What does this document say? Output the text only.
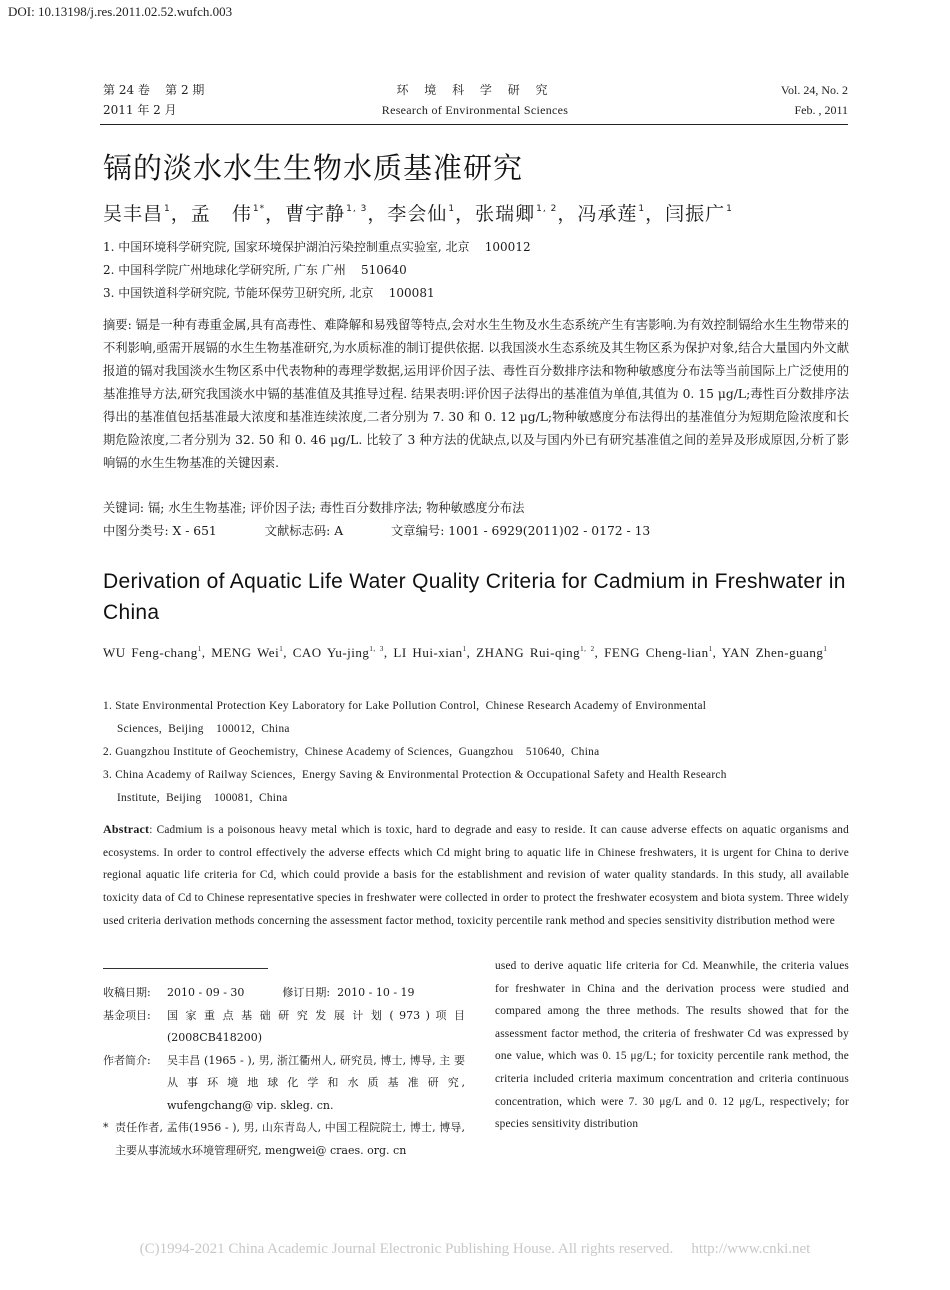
DOI: 10.13198/j.res.2011.02.52.wufch.003
第 24 卷    第 2 期
2011 年 2 月
环 境 科 学 研 究
Research of Environmental Sciences
Vol. 24, No. 2
Feb. , 2011
镉的淡水水生生物水质基准研究
吴丰昌$^1$，孟   伟$^{1*}$，曹宇静$^{1, 3}$，李会仙$^1$，张瑞卿$^{1, 2}$，冯承莲$^1$，闫振广$^1$
1. 中国环境科学研究院, 国家环境保护湖泊污染控制重点实验室, 北京    100012
2. 中国科学院广州地球化学研究所, 广东 广州    510640
3. 中国铁道科学研究院, 节能环保劳卫研究所, 北京    100081
摘要: 镉是一种有毒重金属,具有高毒性、难降解和易残留等特点,会对水生生物及水生态系统产生有害影响.为有效控制镉给水生生物带来的不利影响,亟需开展镉的水生生物基准研究,为水质标准的制订提供依据. 以我国淡水生态系统及其生物区系为保护对象,结合大量国内外文献报道的镉对我国淡水生物区系中代表物种的毒理学数据,运用评价因子法、毒性百分数排序法和物种敏感度分布法等当前国际上广泛使用的基准推导方法,研究我国淡水中镉的基准值及其推导过程. 结果表明:评价因子法得出的基准值为单值,其值为 0. 15 μg/L;毒性百分数排序法得出的基准值包括基准最大浓度和基准连续浓度,二者分别为 7. 30 和 0. 12 μg/L;物种敏感度分布法得出的基准值分为短期危险浓度和长期危险浓度,二者分别为 32. 50 和 0. 46 μg/L. 比较了 3 种方法的优缺点,以及与国内外已有研究基准值之间的差异及形成原因,分析了影响镉的水生生物基准的关键因素.
关键词: 镉; 水生生物基准; 评价因子法; 毒性百分数排序法; 物种敏感度分布法
中图分类号: X - 651	文献标志码: A	文章编号: 1001 - 6929(2011)02 - 0172 - 13
Derivation of Aquatic Life Water Quality Criteria for Cadmium in Freshwater in China
WU Feng-chang$^1$, MENG Wei$^1$, CAO Yu-jing$^{1, 3}$, LI Hui-xian$^1$, ZHANG Rui-qing$^{1, 2}$, FENG Cheng-lian$^1$, YAN Zhen-guang$^1$
1. State Environmental Protection Key Laboratory for Lake Pollution Control,  Chinese Research Academy of Environmental
Sciences,  Beijing    100012,  China
2. Guangzhou Institute of Geochemistry,  Chinese Academy of Sciences,  Guangzhou    510640,  China
3. China Academy of Railway Sciences,  Energy Saving & Environmental Protection & Occupational Safety and Health Research
Institute,  Beijing    100081,  China
Abstract: Cadmium is a poisonous heavy metal which is toxic, hard to degrade and easy to reside. It can cause adverse effects on aquatic organisms and ecosystems. In order to control effectively the adverse effects which Cd might bring to aquatic life in Chinese freshwaters, it is urgent for China to derive regional aquatic life criteria for Cd, which could provide a basis for the establishment and revision of water quality standards. In this study, all available toxicity data of Cd to Chinese representative species in freshwater were collected in order to protect the freshwater ecosystem and biota system. Three widely used criteria derivation methods concerning the assessment factor method, toxicity percentile rank method and species sensitivity distribution method were
used to derive aquatic life criteria for Cd. Meanwhile, the criteria values for freshwater in China and the derivation process were studied and compared among the three methods. The results showed that for the assessment factor method, the criteria of freshwater Cd was expressed by one value, which was 0. 15 μg/L; for toxicity percentile rank method, the criteria included criteria maximum concentration and criteria continuous concentration, which were 7. 30 μg/L and 0. 12 μg/L, respectively; for species sensitivity distribution
收稿日期:	2010 - 09 - 30	修订日期:  2010 - 10 - 19
基金项目:	国 家 重 点 基 础 研 究 发 展 计 划 ( 973 ) 项 目 (2008CB418200)
作者简介:	吴丰昌 (1965 - ), 男, 浙江衢州人, 研究员, 博士, 博导, 主 要 从 事 环 境 地 球 化 学 和 水 质 基 准 研 究, wufengchang@ vip. skleg. cn.
* 责任作者, 孟伟(1956 - ), 男, 山东青岛人, 中国工程院院士, 博士, 博导, 主要从事流域水环境管理研究, mengwei@ craes. org. cn
(C)1994-2021 China Academic Journal Electronic Publishing House. All rights reserved. http://www.cnki.net
